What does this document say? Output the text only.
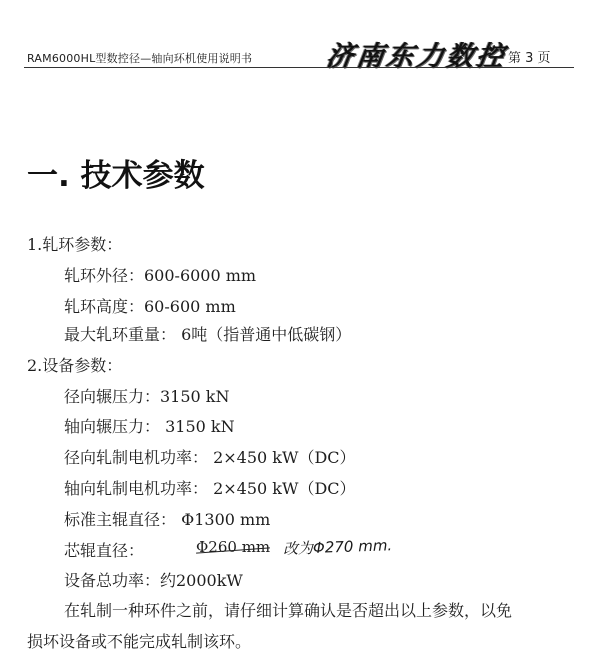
RAM6000HL型数控径—轴向环机使用说明书	济南东力数控 第 3 页
一. 技术参数
1.轧环参数：
轧环外径：600-6000 mm
轧环高度：60-600 mm
最大轧环重量： 6吨（指普通中低碳钢）
2.设备参数：
径向辗压力：3150 kN
轴向辗压力： 3150 kN
径向轧制电机功率： 2×450 kW（DC）
轴向轧制电机功率： 2×450 kW（DC）
标准主辊直径： Φ1300 mm
芯辊直径：	Φ260 mm 改为Φ270 mm.
设备总功率：约2000kW
在轧制一种环件之前，请仔细计算确认是否超出以上参数，以免
损坏设备或不能完成轧制该环。
